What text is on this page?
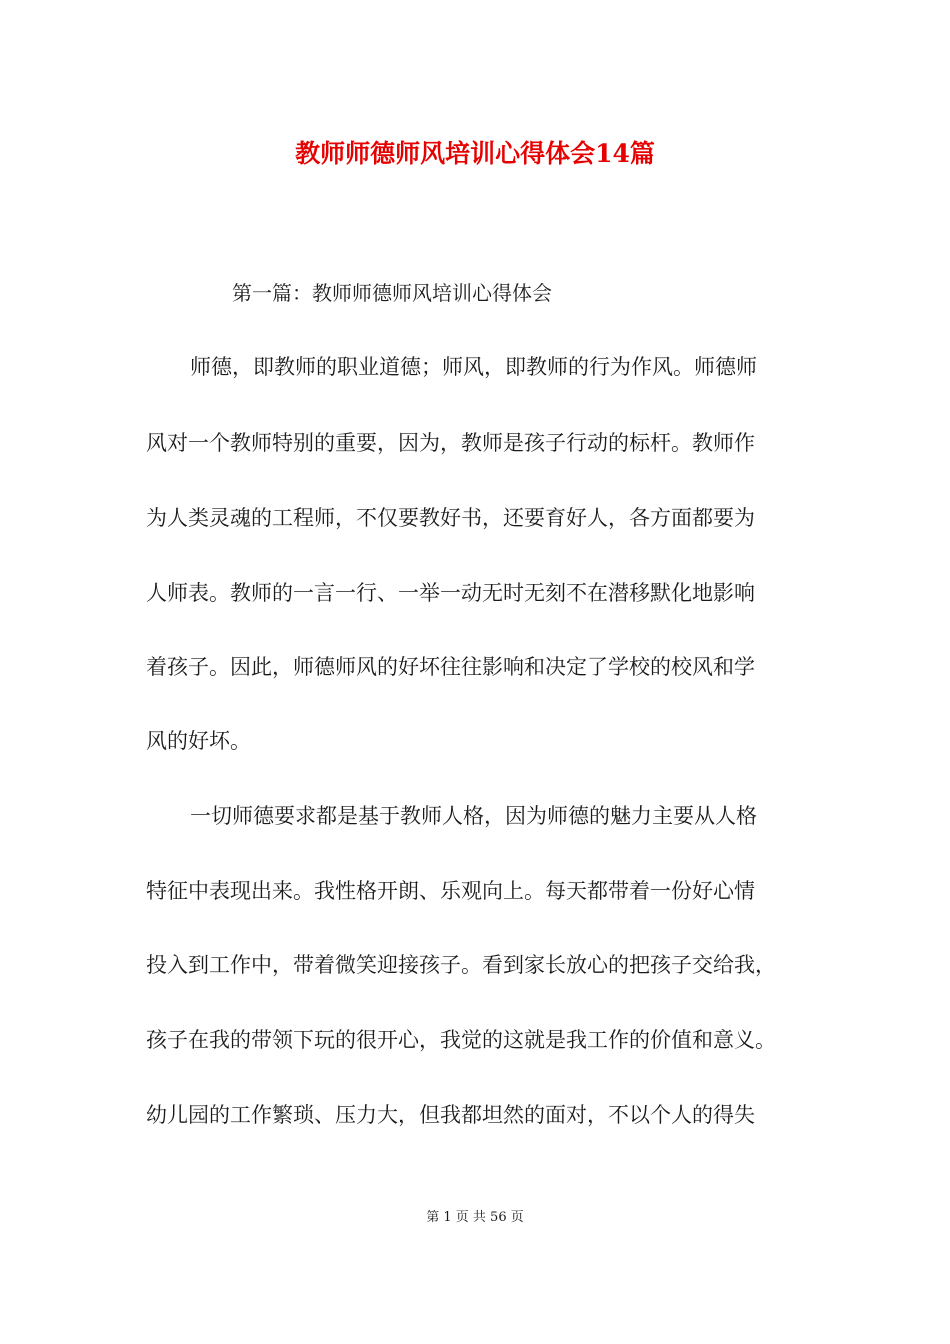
教师师德师风培训心得体会14篇
第一篇：教师师德师风培训心得体会
师德，即教师的职业道德；师风，即教师的行为作风。师德师
风对一个教师特别的重要，因为，教师是孩子行动的标杆。教师作
为人类灵魂的工程师，不仅要教好书，还要育好人，各方面都要为
人师表。教师的一言一行、一举一动无时无刻不在潜移默化地影响
着孩子。因此，师德师风的好坏往往影响和决定了学校的校风和学
风的好坏。
一切师德要求都是基于教师人格，因为师德的魅力主要从人格
特征中表现出来。我性格开朗、乐观向上。每天都带着一份好心情
投入到工作中，带着微笑迎接孩子。看到家长放心的把孩子交给我，
孩子在我的带领下玩的很开心，我觉的这就是我工作的价值和意义。
幼儿园的工作繁琐、压力大，但我都坦然的面对，不以个人的得失
第 1 页 共 56 页
